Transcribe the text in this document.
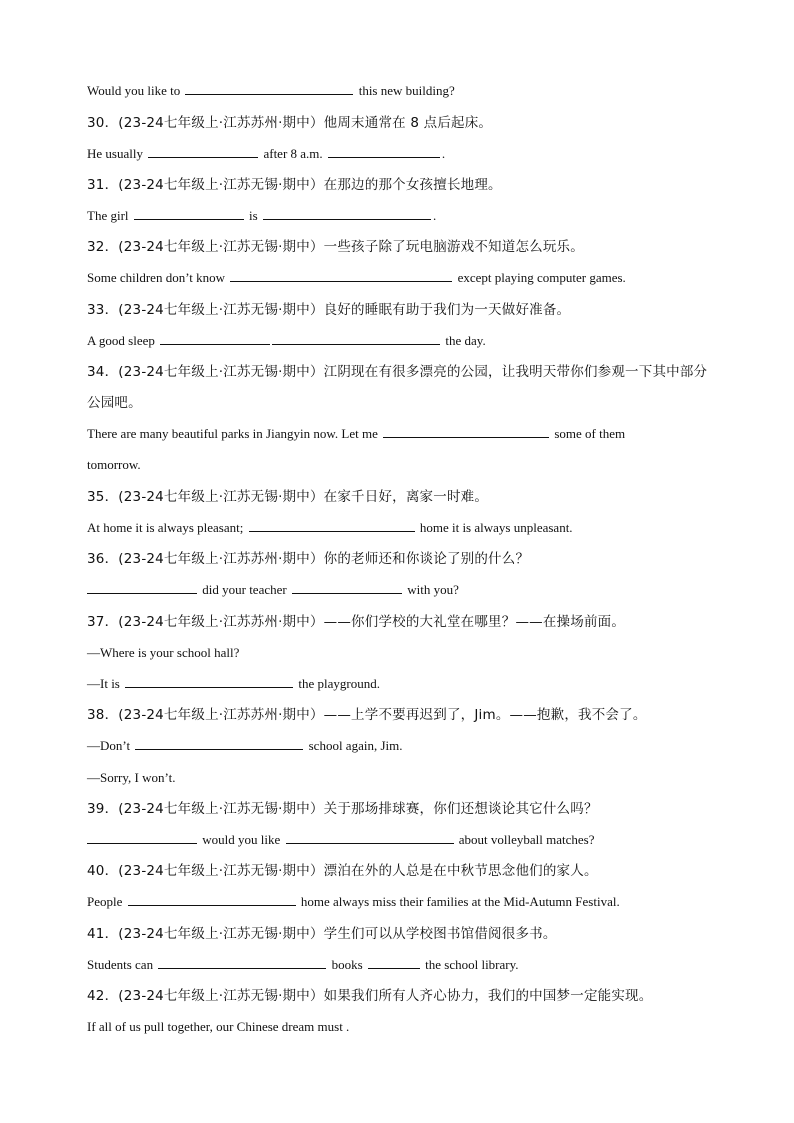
Would you like to	this new building?
30．(23-24七年级上·江苏苏州·期中）他周末通常在 8 点后起床。
He usually	after 8 a.m.	.
31．(23-24七年级上·江苏无锡·期中）在那边的那个女孩擅长地理。
The girl	is	.
32．(23-24七年级上·江苏无锡·期中）一些孩子除了玩电脑游戏不知道怎么玩乐。
Some children don’t know	except playing computer games.
33．(23-24七年级上·江苏无锡·期中）良好的睡眠有助于我们为一天做好准备。
A good sleep	the day.
34．(23-24七年级上·江苏无锡·期中）江阴现在有很多漂亮的公园，让我明天带你们参观一下其中部分
公园吧。
There are many beautiful parks in Jiangyin now. Let me	some of them
tomorrow.
35．(23-24七年级上·江苏无锡·期中）在家千日好，离家一时难。
At home it is always pleasant;	home it is always unpleasant.
36．(23-24七年级上·江苏苏州·期中）你的老师还和你谈论了别的什么？
did your teacher	with you?
37．(23-24七年级上·江苏苏州·期中）——你们学校的大礼堂在哪里？——在操场前面。
—Where is your school hall?
—It is	the playground.
38．(23-24七年级上·江苏苏州·期中）——上学不要再迟到了，Jim。——抱歉，我不会了。
—Don’t	school again, Jim.
—Sorry, I won’t.
39．(23-24七年级上·江苏无锡·期中）关于那场排球赛，你们还想谈论其它什么吗？
would you like	about volleyball matches?
40．(23-24七年级上·江苏无锡·期中）漂泊在外的人总是在中秋节思念他们的家人。
People	home always miss their families at the Mid-Autumn Festival.
41．(23-24七年级上·江苏无锡·期中）学生们可以从学校图书馆借阅很多书。
Students can	books	the school library.
42．(23-24七年级上·江苏无锡·期中）如果我们所有人齐心协力，我们的中国梦一定能实现。
If all of us pull together, our Chinese dream must .
